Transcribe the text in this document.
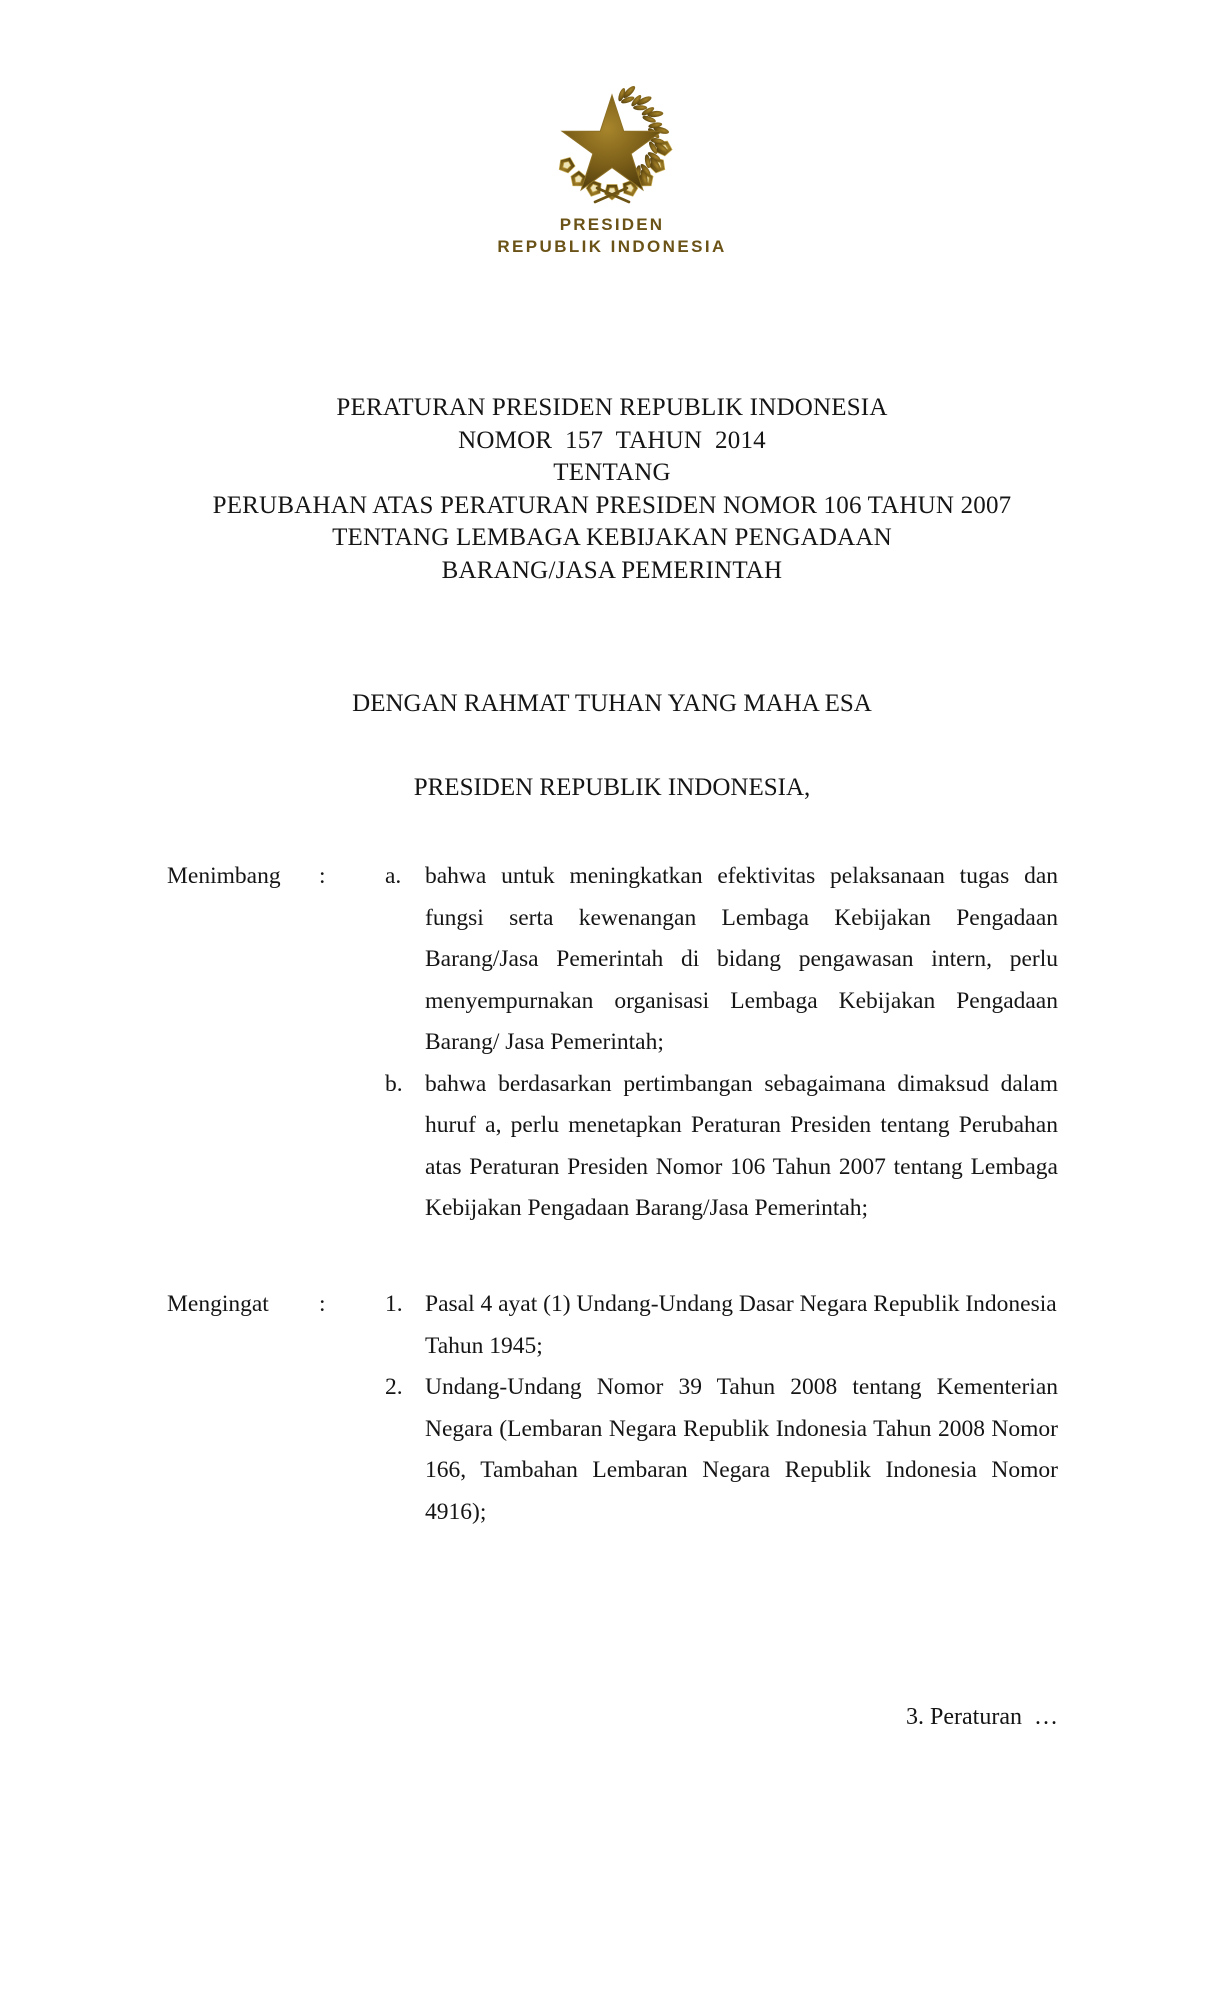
PRESIDEN
REPUBLIK INDONESIA
PERATURAN PRESIDEN REPUBLIK INDONESIA
NOMOR  157  TAHUN  2014
TENTANG
PERUBAHAN ATAS PERATURAN PRESIDEN NOMOR 106 TAHUN 2007
TENTANG LEMBAGA KEBIJAKAN PENGADAAN
BARANG/JASA PEMERINTAH
DENGAN RAHMAT TUHAN YANG MAHA ESA
PRESIDEN REPUBLIK INDONESIA,
Menimbang :	a. bahwa untuk meningkatkan efektivitas pelaksanaan tugas dan fungsi serta kewenangan Lembaga Kebijakan Pengadaan Barang/Jasa Pemerintah di bidang pengawasan intern, perlu menyempurnakan organisasi Lembaga Kebijakan Pengadaan Barang/ Jasa Pemerintah;
b. bahwa berdasarkan pertimbangan sebagaimana dimaksud dalam huruf a, perlu menetapkan Peraturan Presiden tentang Perubahan atas Peraturan Presiden Nomor 106 Tahun 2007 tentang Lembaga Kebijakan Pengadaan Barang/Jasa Pemerintah;
Mengingat :	1. Pasal 4 ayat (1) Undang-Undang Dasar Negara Republik Indonesia Tahun 1945;
2. Undang-Undang Nomor 39 Tahun 2008 tentang Kementerian Negara (Lembaran Negara Republik Indonesia Tahun 2008 Nomor 166, Tambahan Lembaran Negara Republik Indonesia Nomor 4916);
3. Peraturan  …
